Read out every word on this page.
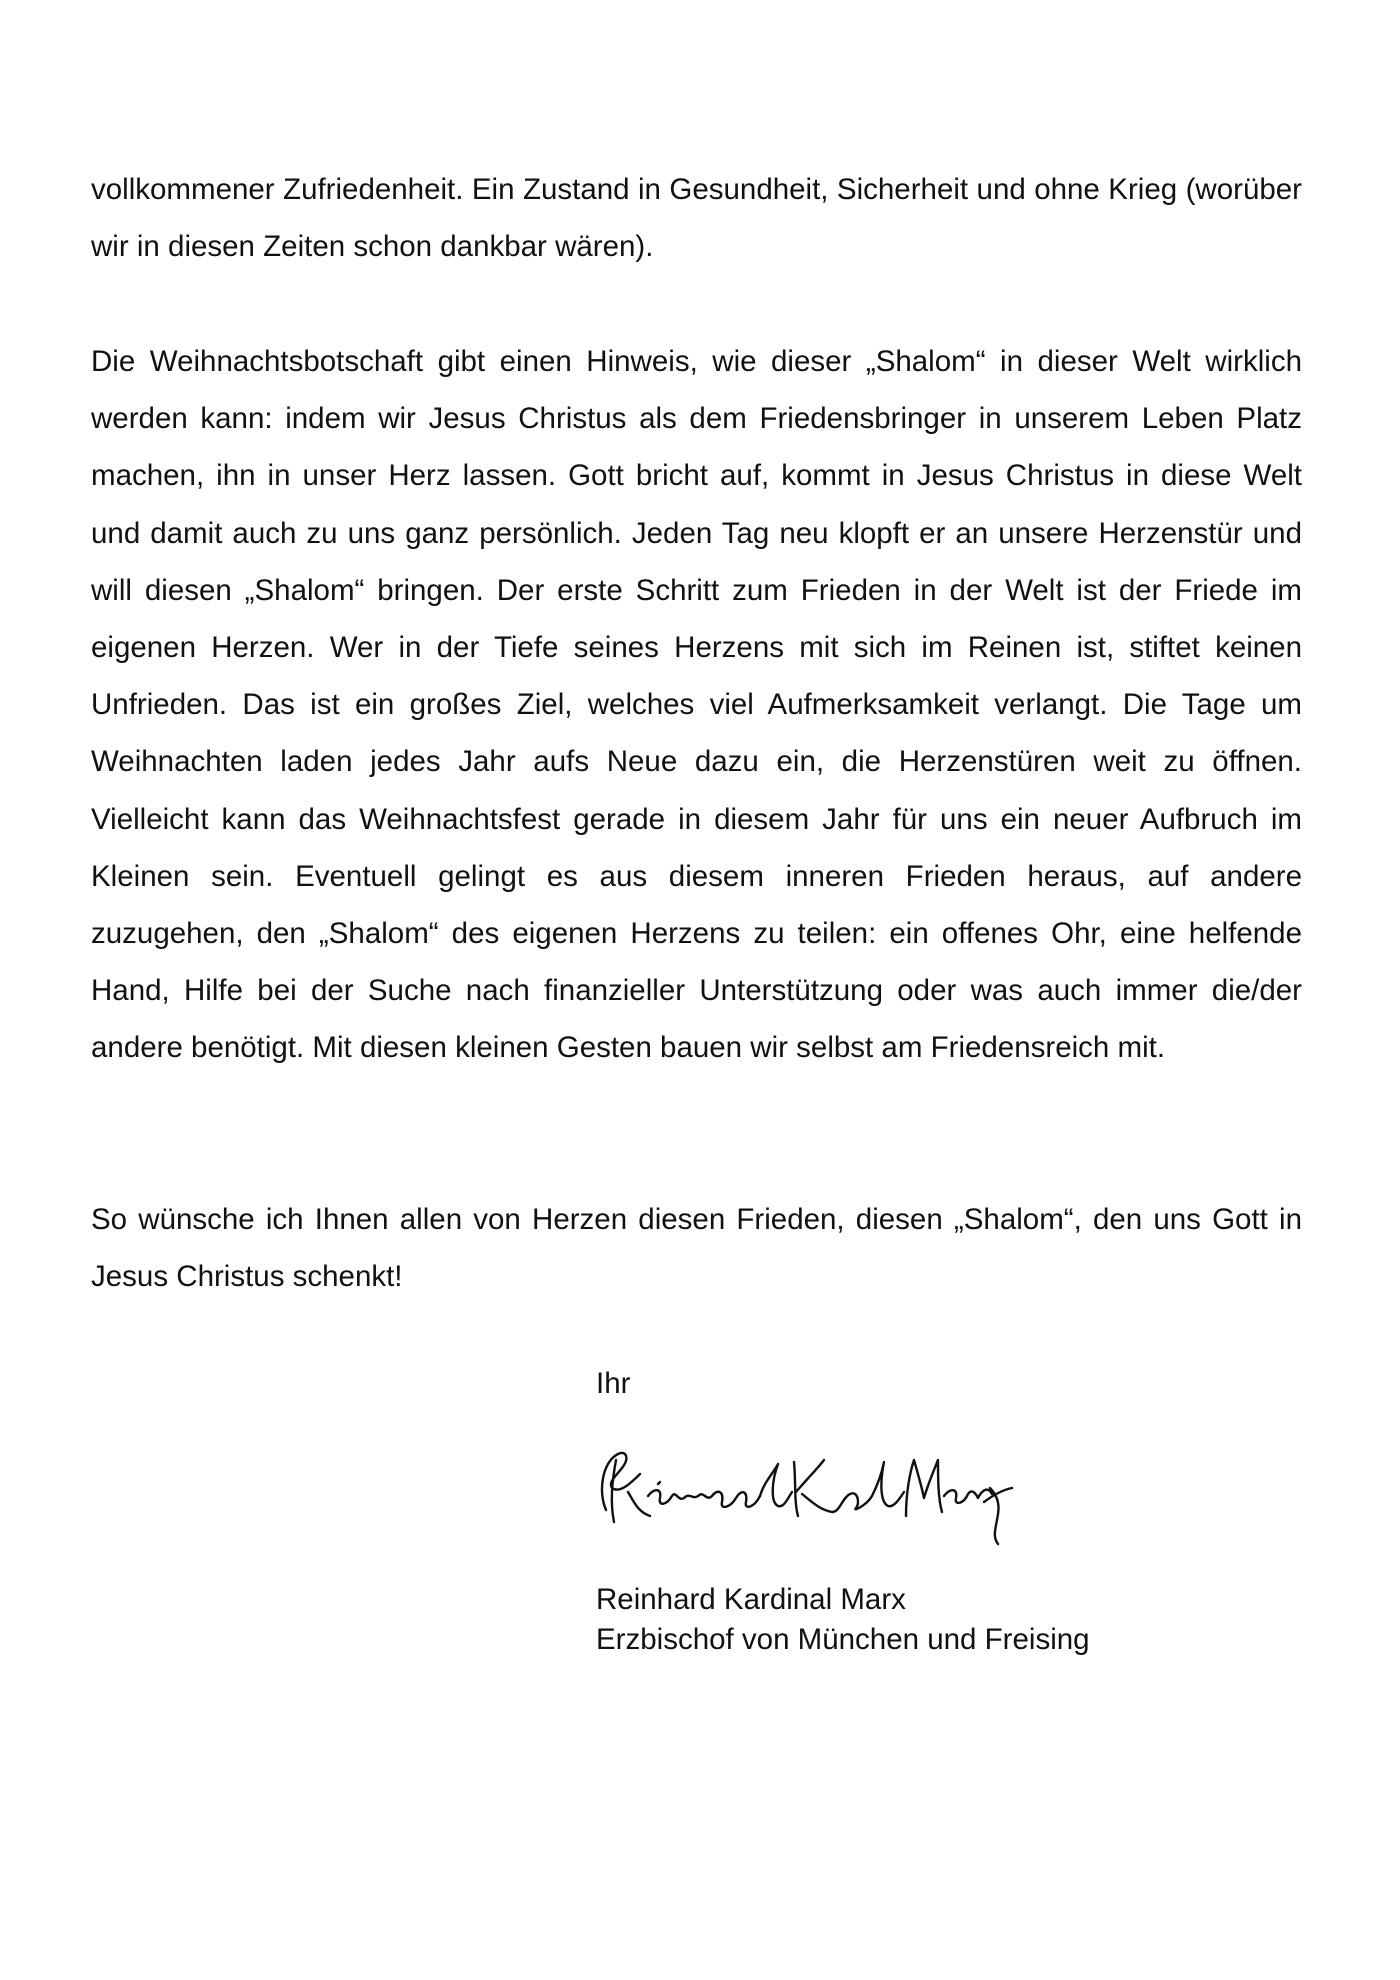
vollkommener Zufriedenheit. Ein Zustand in Gesundheit, Sicherheit und ohne Krieg (worüber wir in diesen Zeiten schon dankbar wären).

Die Weihnachtsbotschaft gibt einen Hinweis, wie dieser „Shalom“ in dieser Welt wirklich werden kann: indem wir Jesus Christus als dem Friedensbringer in unserem Leben Platz machen, ihn in unser Herz lassen. Gott bricht auf, kommt in Jesus Christus in diese Welt und damit auch zu uns ganz persönlich. Jeden Tag neu klopft er an unsere Herzenstür und will diesen „Shalom“ bringen. Der erste Schritt zum Frieden in der Welt ist der Friede im eigenen Herzen. Wer in der Tiefe seines Herzens mit sich im Reinen ist, stiftet keinen Unfrieden. Das ist ein großes Ziel, welches viel Aufmerksamkeit verlangt. Die Tage um Weihnachten laden jedes Jahr aufs Neue dazu ein, die Herzenstüren weit zu öffnen. Vielleicht kann das Weihnachtsfest gerade in diesem Jahr für uns ein neuer Aufbruch im Kleinen sein. Eventuell gelingt es aus diesem inneren Frieden heraus, auf andere zuzugehen, den „Shalom“ des eigenen Herzens zu teilen: ein offenes Ohr, eine helfende Hand, Hilfe bei der Suche nach finanzieller Unterstützung oder was auch immer die/der andere benötigt. Mit diesen kleinen Gesten bauen wir selbst am Friedensreich mit.

So wünsche ich Ihnen allen von Herzen diesen Frieden, diesen „Shalom“, den uns Gott in Jesus Christus schenkt!

Ihr

Reinhard Kardinal Marx

Erzbischof von München und Freising
